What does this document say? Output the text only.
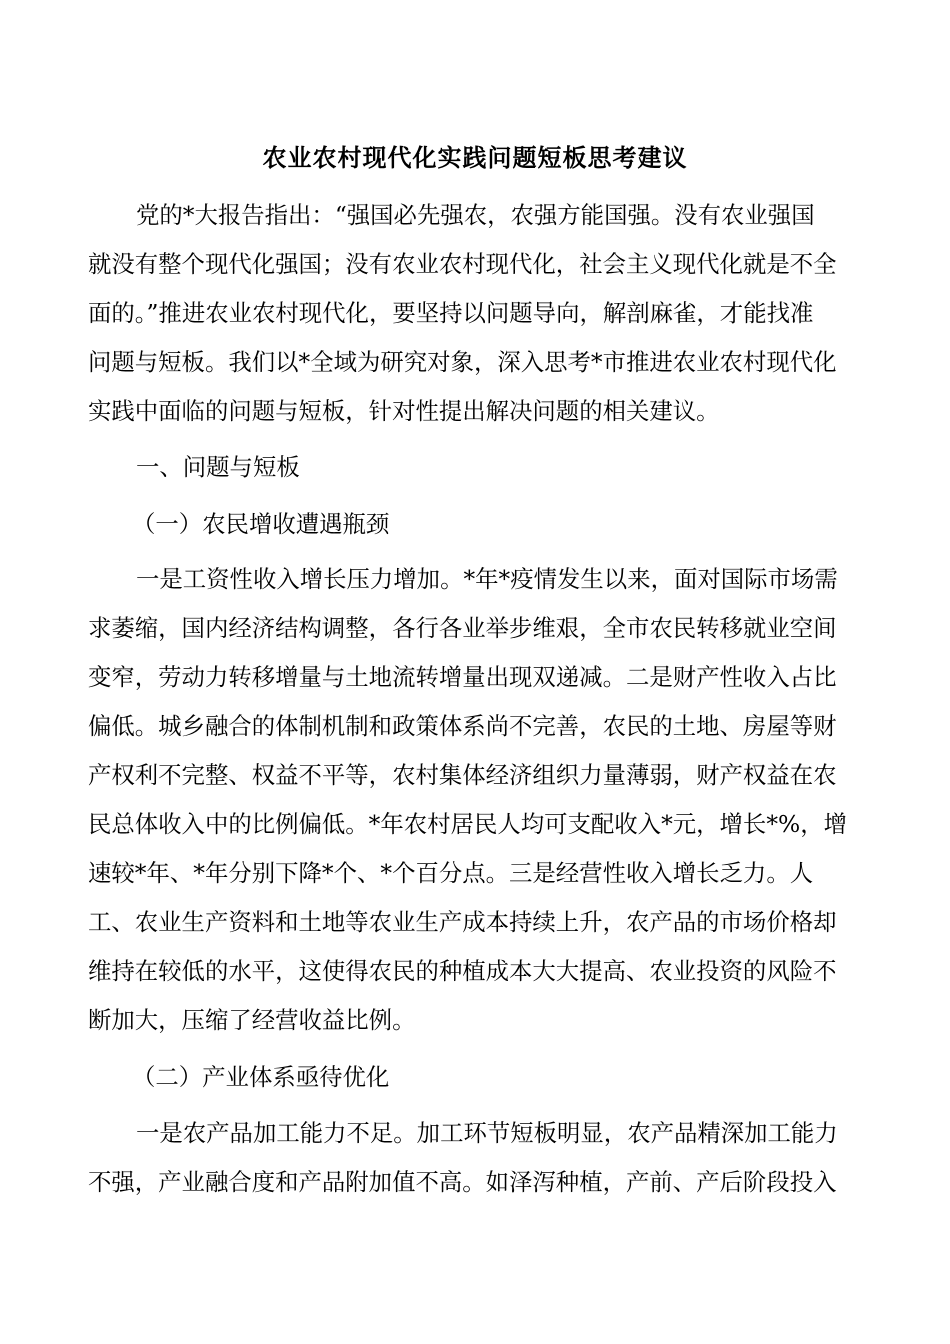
农业农村现代化实践问题短板思考建议
党的*大报告指出：“强国必先强农，农强方能国强。没有农业强国
就没有整个现代化强国；没有农业农村现代化，社会主义现代化就是不全
面的。”推进农业农村现代化，要坚持以问题导向，解剖麻雀，才能找准
问题与短板。我们以*全域为研究对象，深入思考*市推进农业农村现代化
实践中面临的问题与短板，针对性提出解决问题的相关建议。
一、问题与短板
（一）农民增收遭遇瓶颈
一是工资性收入增长压力增加。*年*疫情发生以来，面对国际市场需
求萎缩，国内经济结构调整，各行各业举步维艰，全市农民转移就业空间
变窄，劳动力转移增量与土地流转增量出现双递减。二是财产性收入占比
偏低。城乡融合的体制机制和政策体系尚不完善，农民的土地、房屋等财
产权利不完整、权益不平等，农村集体经济组织力量薄弱，财产权益在农
民总体收入中的比例偏低。*年农村居民人均可支配收入*元，增长*%，增
速较*年、*年分别下降*个、*个百分点。三是经营性收入增长乏力。人
工、农业生产资料和土地等农业生产成本持续上升，农产品的市场价格却
维持在较低的水平，这使得农民的种植成本大大提高、农业投资的风险不
断加大，压缩了经营收益比例。
（二）产业体系亟待优化
一是农产品加工能力不足。加工环节短板明显，农产品精深加工能力
不强，产业融合度和产品附加值不高。如泽泻种植，产前、产后阶段投入
